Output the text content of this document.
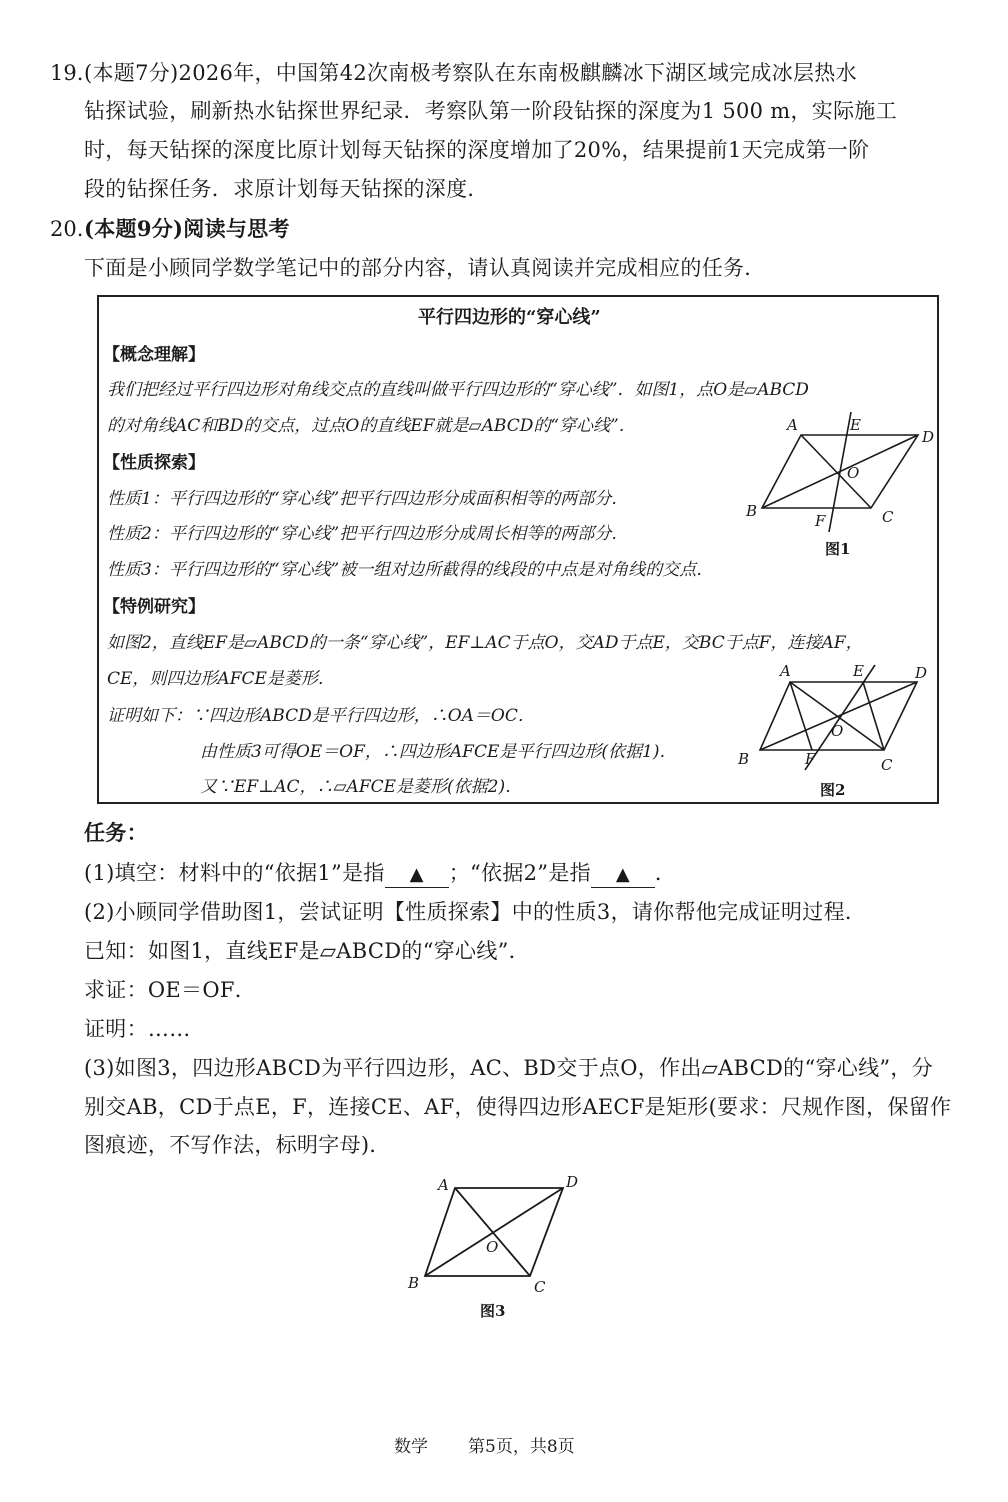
19. (本题7分)2026年，中国第42次南极考察队在东南极麒麟冰下湖区域完成冰层热水
钻探试验，刷新热水钻探世界纪录．考察队第一阶段钻探的深度为1 500 m，实际施工
时，每天钻探的深度比原计划每天钻探的深度增加了20%，结果提前1天完成第一阶
段的钻探任务．求原计划每天钻探的深度．
20. (本题9分)阅读与思考
下面是小顾同学数学笔记中的部分内容，请认真阅读并完成相应的任务．
平行四边形的“穿心线”
【概念理解】
我们把经过平行四边形对角线交点的直线叫做平行四边形的“穿心线”．如图1，点O是▱ABCD
的对角线AC和BD的交点，过点O的直线EF就是▱ABCD的“穿心线”．
【性质探索】
性质1：平行四边形的“穿心线”把平行四边形分成面积相等的两部分．
性质2：平行四边形的“穿心线”把平行四边形分成周长相等的两部分．
性质3：平行四边形的“穿心线”被一组对边所截得的线段的中点是对角线的交点．
【特例研究】
如图2，直线EF是▱ABCD的一条“穿心线”，EF⊥AC于点O，交AD于点E，交BC于点F，连接AF，
CE，则四边形AFCE是菱形．
证明如下：∵四边形ABCD是平行四边形，∴OA＝OC．
由性质3可得OE＝OF，∴四边形AFCE是平行四边形(依据1)．
又∵EF⊥AC，∴▱AFCE是菱形(依据2)．
A	E
D
O
B
F	C
图1
A	E	D
O
B	F	C
图2
任务：
(1)填空：材料中的“依据1”是指 ▲ ；“依据2”是指 ▲ ．
(2)小顾同学借助图1，尝试证明【性质探索】中的性质3，请你帮他完成证明过程．
已知：如图1，直线EF是▱ABCD的“穿心线”．
求证：OE＝OF．
证明：……
(3)如图3，四边形ABCD为平行四边形，AC、BD交于点O，作出▱ABCD的“穿心线”，分
别交AB，CD于点E，F，连接CE、AF，使得四边形AECF是矩形(要求：尺规作图，保留作
图痕迹，不写作法，标明字母)．
A	D
O
B	C
图3
数学 第5页，共8页
